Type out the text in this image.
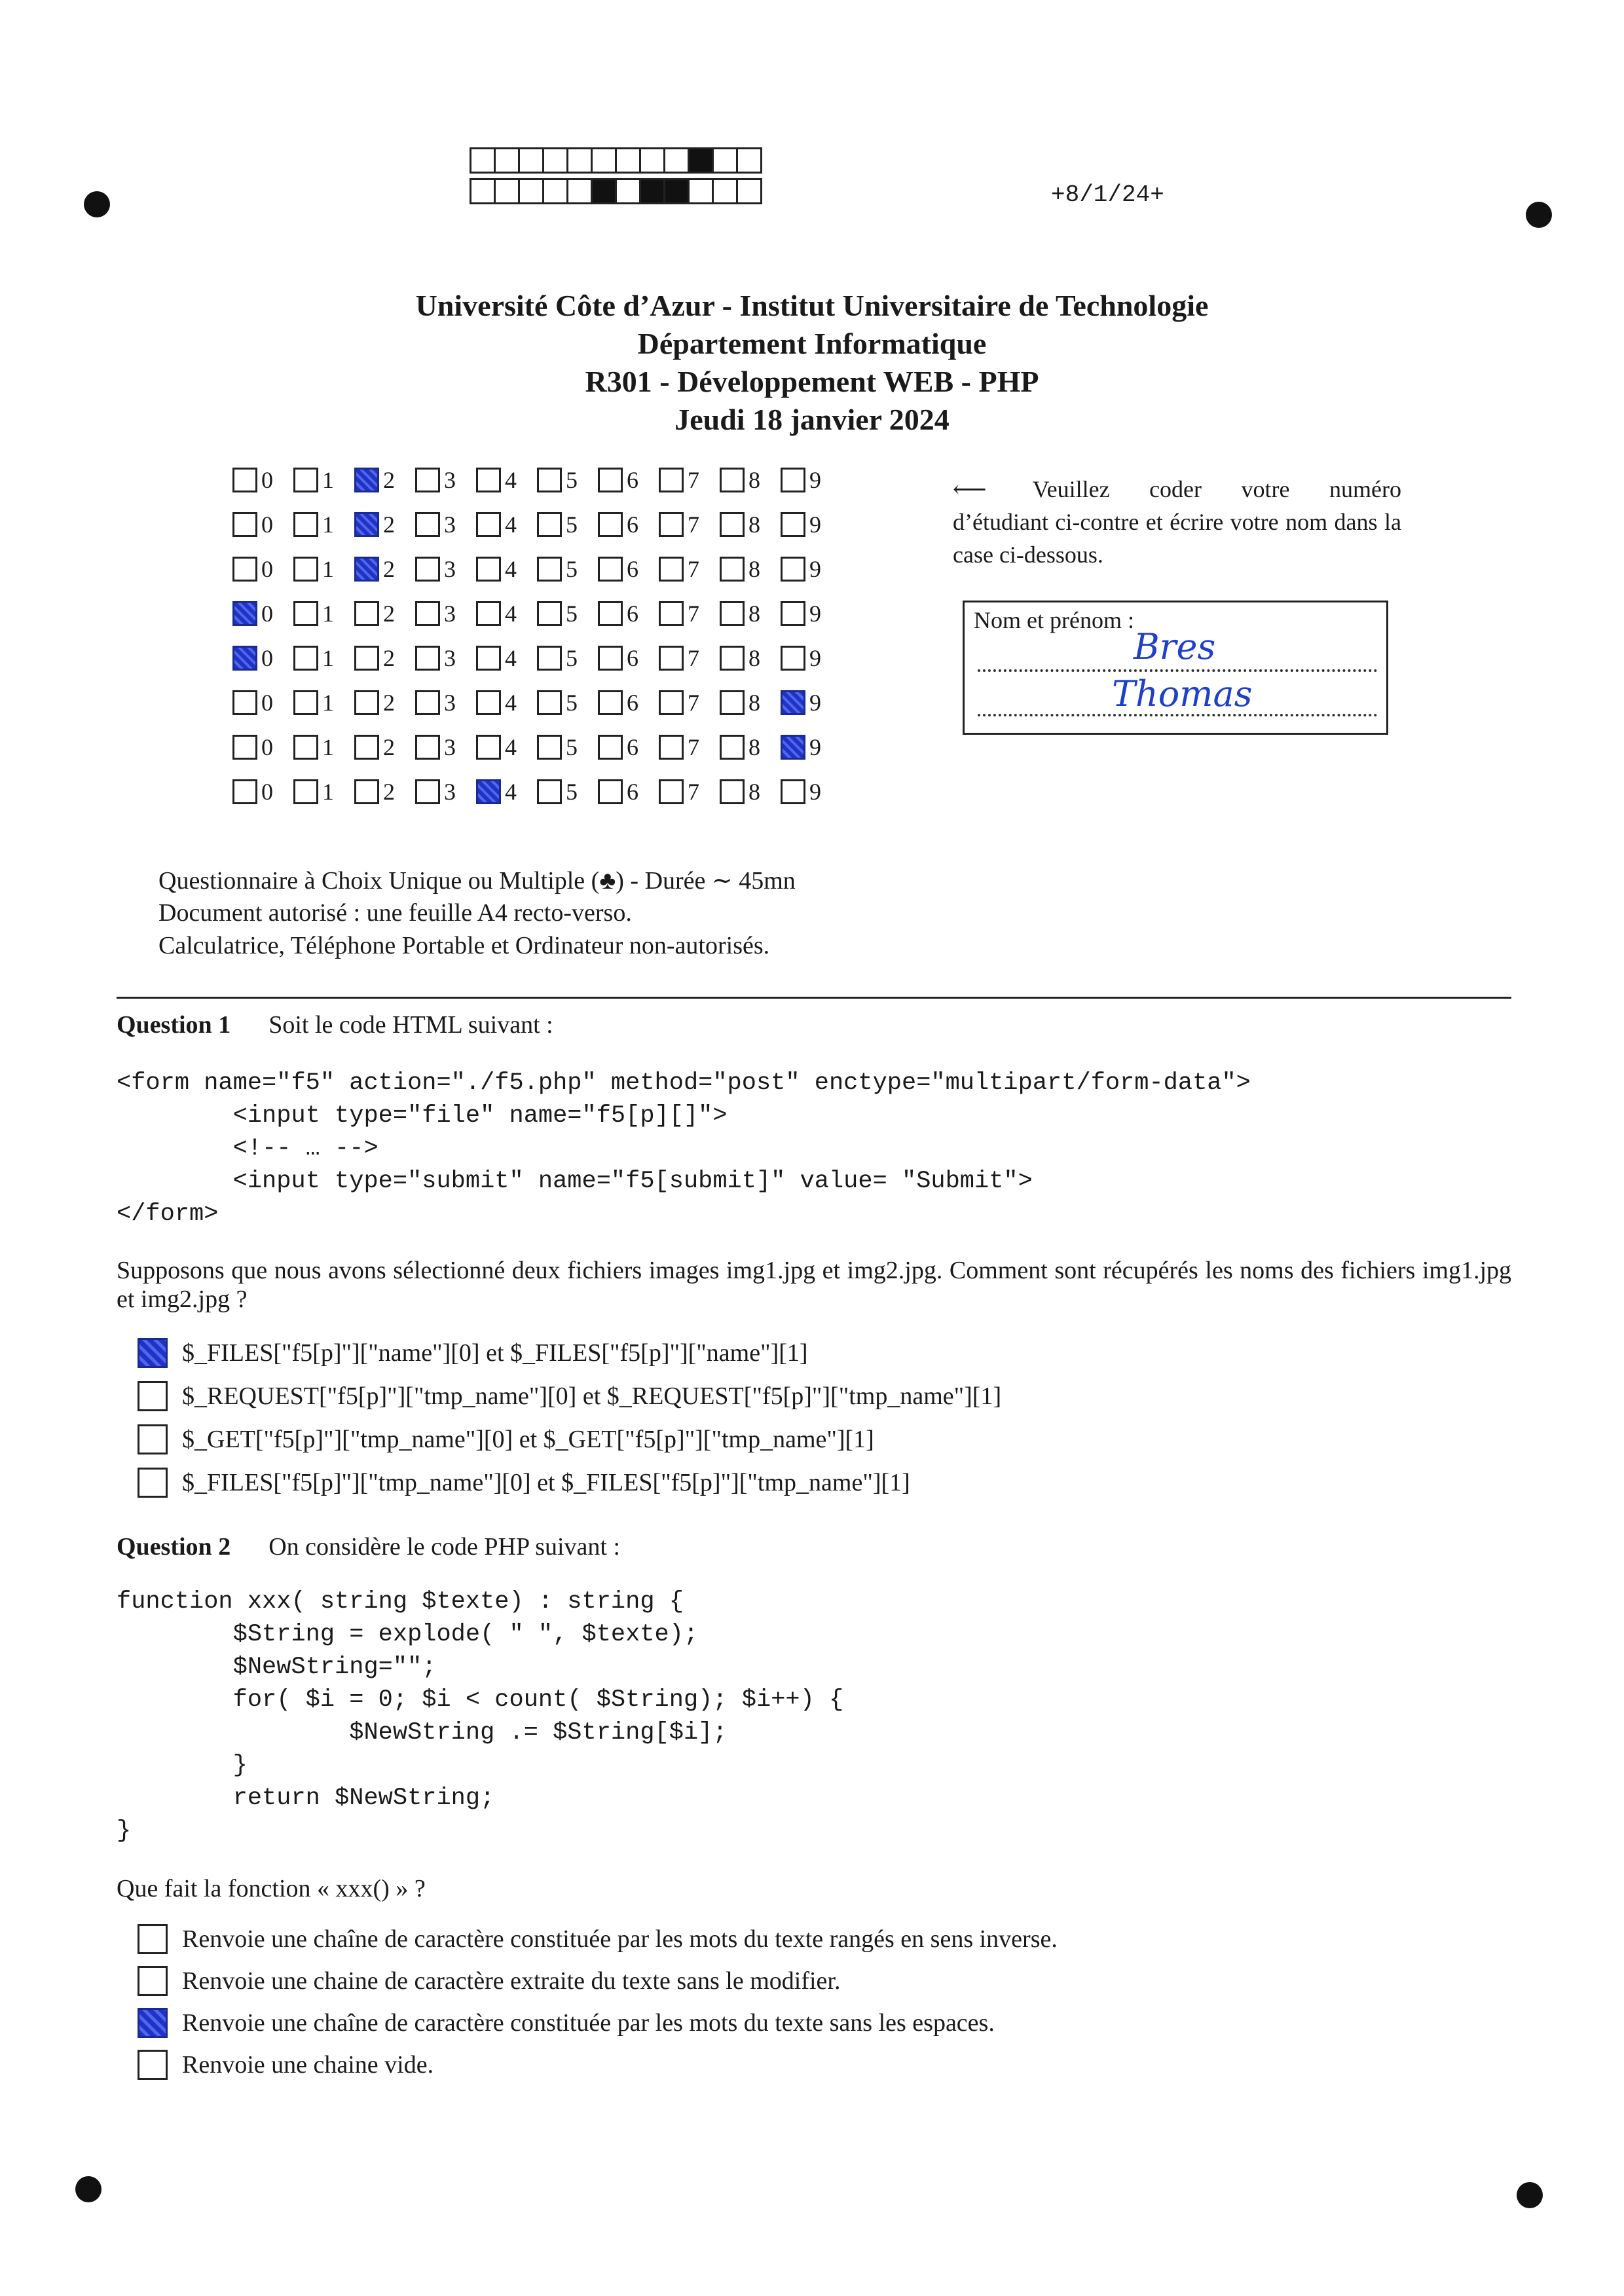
+8/1/24+
Université Côte d’Azur - Institut Universitaire de Technologie
Département Informatique
R301 - Développement WEB - PHP
Jeudi 18 janvier 2024
0 1 2 3 4 5 6 7 8 9
0 1 2 3 4 5 6 7 8 9
0 1 2 3 4 5 6 7 8 9
0 1 2 3 4 5 6 7 8 9
0 1 2 3 4 5 6 7 8 9
0 1 2 3 4 5 6 7 8 9
0 1 2 3 4 5 6 7 8 9
0 1 2 3 4 5 6 7 8 9
⟵ Veuillez coder votre numéro d’étudiant ci-contre et écrire votre nom dans la case ci-dessous.
Nom et prénom :
Bres
Thomas
Questionnaire à Choix Unique ou Multiple (♣) - Durée ∼ 45mn
Document autorisé : une feuille A4 recto-verso.
Calculatrice, Téléphone Portable et Ordinateur non-autorisés.
Question 1 Soit le code HTML suivant :
<form name="f5" action="./f5.php" method="post" enctype="multipart/form-data">
<input type="file" name="f5[p][]">
<!-- … -->
<input type="submit" name="f5[submit]" value= "Submit">
</form>
Supposons que nous avons sélectionné deux fichiers images img1.jpg et img2.jpg. Comment sont récupérés les noms des fichiers img1.jpg et img2.jpg ?
$_FILES["f5[p]"]["name"][0] et $_FILES["f5[p]"]["name"][1]
$_REQUEST["f5[p]"]["tmp_name"][0] et $_REQUEST["f5[p]"]["tmp_name"][1]
$_GET["f5[p]"]["tmp_name"][0] et $_GET["f5[p]"]["tmp_name"][1]
$_FILES["f5[p]"]["tmp_name"][0] et $_FILES["f5[p]"]["tmp_name"][1]
Question 2 On considère le code PHP suivant :
function xxx( string $texte) : string {
$String = explode( " ", $texte);
$NewString="";
for( $i = 0; $i < count( $String); $i++) {
$NewString .= $String[$i];
}
return $NewString;
}
Que fait la fonction « xxx() » ?
Renvoie une chaîne de caractère constituée par les mots du texte rangés en sens inverse.
Renvoie une chaine de caractère extraite du texte sans le modifier.
Renvoie une chaîne de caractère constituée par les mots du texte sans les espaces.
Renvoie une chaine vide.
